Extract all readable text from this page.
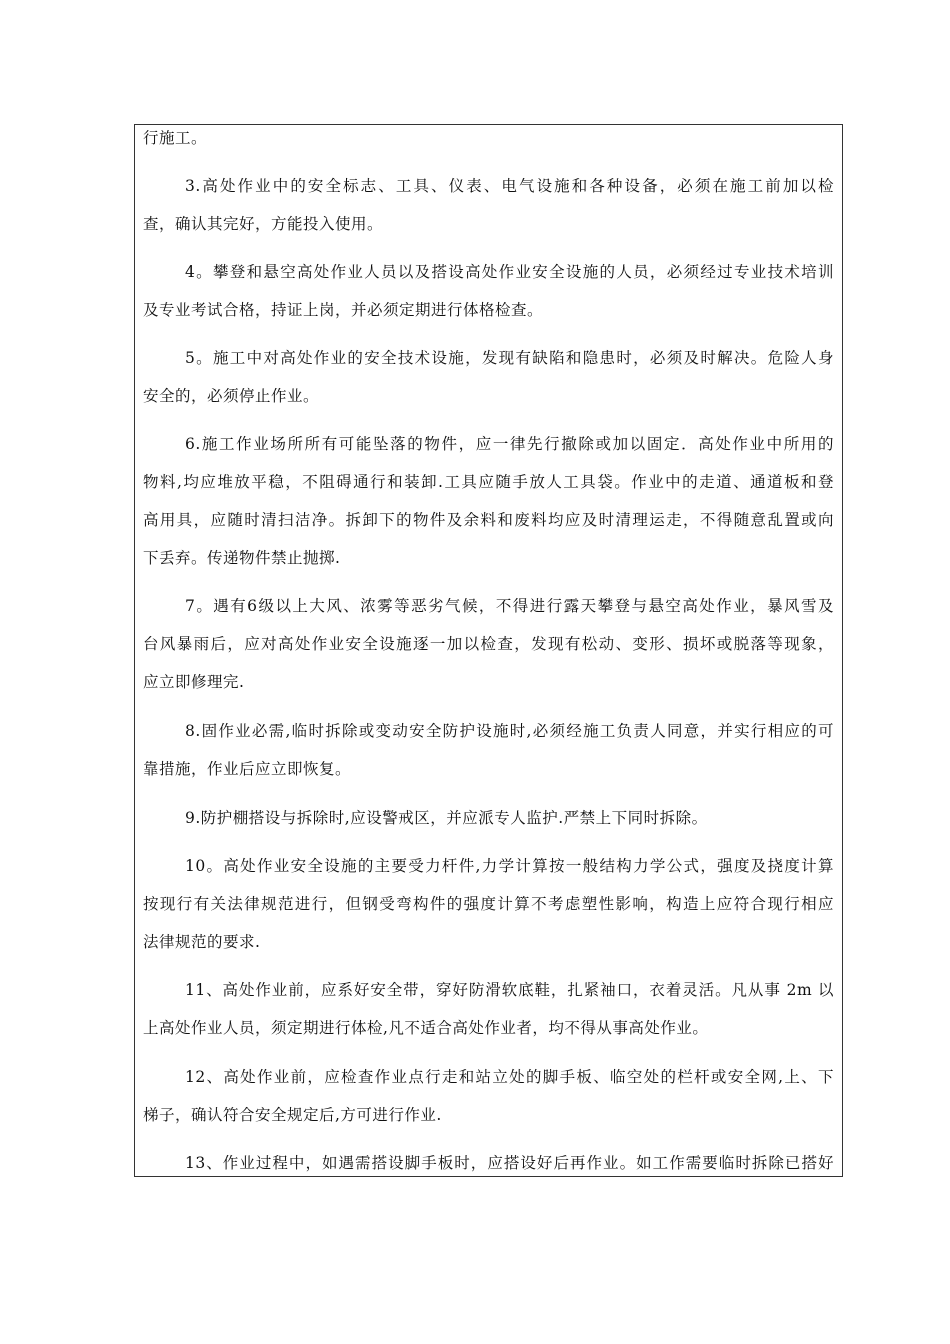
行施工。
3.高处作业中的安全标志、工具、仪表、电气设施和各种设备，必须在施工前加以检
查，确认其完好，方能投入使用。
4。攀登和悬空高处作业人员以及搭设高处作业安全设施的人员，必须经过专业技术培训
及专业考试合格，持证上岗，并必须定期进行体格检查。
5。施工中对高处作业的安全技术设施，发现有缺陷和隐患时，必须及时解决。危险人身
安全的，必须停止作业。
6.施工作业场所所有可能坠落的物件，应一律先行撤除或加以固定．高处作业中所用的
物料,均应堆放平稳，不阻碍通行和装卸.工具应随手放人工具袋。作业中的走道、通道板和登
高用具，应随时清扫洁净。拆卸下的物件及余料和废料均应及时清理运走，不得随意乱置或向
下丢弃。传递物件禁止抛掷.
7。遇有6级以上大风、浓雾等恶劣气候，不得进行露天攀登与悬空高处作业，暴风雪及
台风暴雨后，应对高处作业安全设施逐一加以检查，发现有松动、变形、损坏或脱落等现象，
应立即修理完.
8.固作业必需,临时拆除或变动安全防护设施时,必须经施工负责人同意，并实行相应的可
靠措施，作业后应立即恢复。
9.防护棚搭设与拆除时,应设警戒区，并应派专人监护.严禁上下同时拆除。
10。高处作业安全设施的主要受力杆件,力学计算按一般结构力学公式，强度及挠度计算
按现行有关法律规范进行，但钢受弯构件的强度计算不考虑塑性影响，构造上应符合现行相应
法律规范的要求.
11、高处作业前，应系好安全带，穿好防滑软底鞋，扎紧袖口，衣着灵活。凡从事 2m 以
上高处作业人员，须定期进行体检,凡不适合高处作业者，均不得从事高处作业。
12、高处作业前，应检查作业点行走和站立处的脚手板、临空处的栏杆或安全网,上、下
梯子，确认符合安全规定后,方可进行作业.
13、作业过程中，如遇需搭设脚手板时，应搭设好后再作业。如工作需要临时拆除已搭好
